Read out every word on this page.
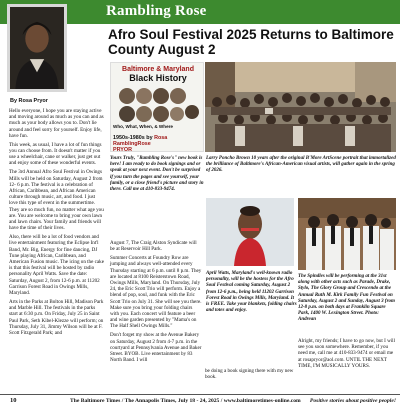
Rambling Rose
Afro Soul Festival 2025 Returns to Baltimore County August 2
By Rosa Pryor

Hello everyone, I hope you are staying active and moving around as much as you can and as much as your body allows you to. Don't lie around and feel sorry for yourself. Enjoy life, have fun.

This week, as usual, I have a lot of fun things you can choose from. It doesn't matter if you use a wheelchair, cane or walker, just get out and enjoy some of these wonderful events.

The 3rd Annual Afro Soul Festival in Owings Mills will be held on Saturday, August 2 from 12- 6 p.m. The festival is a celebration of African, Caribbean, and African American culture through music, art, and food. I just love this type of event in the summertime. They are so much fun, no matter what age you are. You are welcome to bring your own lawn and lawn chairs. Your family and friends will have the time of their lives.

Also, there will be a lot of food vendors and live entertainment featuring the Eclipse Int'l Band, Mr. Big, Energy for fine dancing, DJ Tune playing African, Caribbean, and American Fusion music. The icing on the cake is that this festival will be hosted by radio personality April Watts. Save the date: Saturday, August 2, from 12-6 p.m. at 11202 Garrison Forest Road in Owings Mills, Maryland.

Arts in the Parks at Bolton Hill, Madison Park and Marble Hill. The festivals in the parks start at 6:30 p.m. On Friday, July 25 in Saint Paul Park, Seth Kibel-Klezze will perform; on Thursday, July 31, Jimmy Wilson will be at F. Scott Fitzgerald Park; and

Baltimore & Maryland
Black History
Who, What, When, & Where
1950s-1980s by Rosa
RamblingRose
PRYOR
Yours Truly, "Rambling Rose's" new book is here! I am ready to do book signings and or speak at your next event. Don't be surprised if you turn the pages and see yourself, your family, or a close friend's picture and story in there. Call me at 410-833-9474.
Larry Poncho Brown 10 years after the original B'More ArtScene portrait that immortalized the brilliance of Baltimore's African-American visual artists, will gather again in the spring of 2026.

August 7, The Craig Alston Syndicate will be at Reservoir Hill Park.

Summer Concerts at Foundry Row are jumping and always well-attended every Thursday starting at 6 p.m. until 8 p.m. They are located at 8100 Reisterstown Road, Owings Mills, Maryland. On Thursday, July 24, the Eric Scott Trio will perform. Enjoy a blend of pop, soul, and funk with the Eric Scott Trio on July 31. She will see you there. Make sure you bring your folding chairs with you. Each concert will feature a beer and wine garden presented by "Mama's on The Half Shell Owings Mills."

Don't forget my show at the Avenue Bakery on Saturday, August 2 from 4-7 p.m. in the courtyard at Pennsylvania Avenue and Baker Street. BYOB. Live entertainment by 83 North Band. I will

April Watts, Maryland's well-known radio personality, will be the hostess for the Afro Soul Festival coming Saturday, August 2 from 12-6 p.m., being held 11202 Garrison Forest Road in Owings Mills, Maryland. It is FREE. Take your blankets, folding chairs and totes and enjoy.
The Spindles will be performing at the 31st along with other acts such as Parade, Drake, Stylo, The Glory Group and Crescendo at the Annual Ruth M. Kirk Family Fun Festival on Saturday, August 2 and Sunday, August 3 from 12-8 p.m. on both days at Franklin Square Park, 1400 W. Lexington Street. Photo: Andrean

be doing a book signing there with my new book.

Alright, my friends; I have to go now, but I will see you soon somewhere. Remember, if you need me, call me at 410-833-9474 or email me at rosapryor@aol.com. UNTIL THE NEXT TIME, I'M MUSICALLY YOURS.

10	The Baltimore Times / The Annapolis Times, July 18 - 24, 2025 / www.baltimoretimes-online.com Positive stories about positive people!
